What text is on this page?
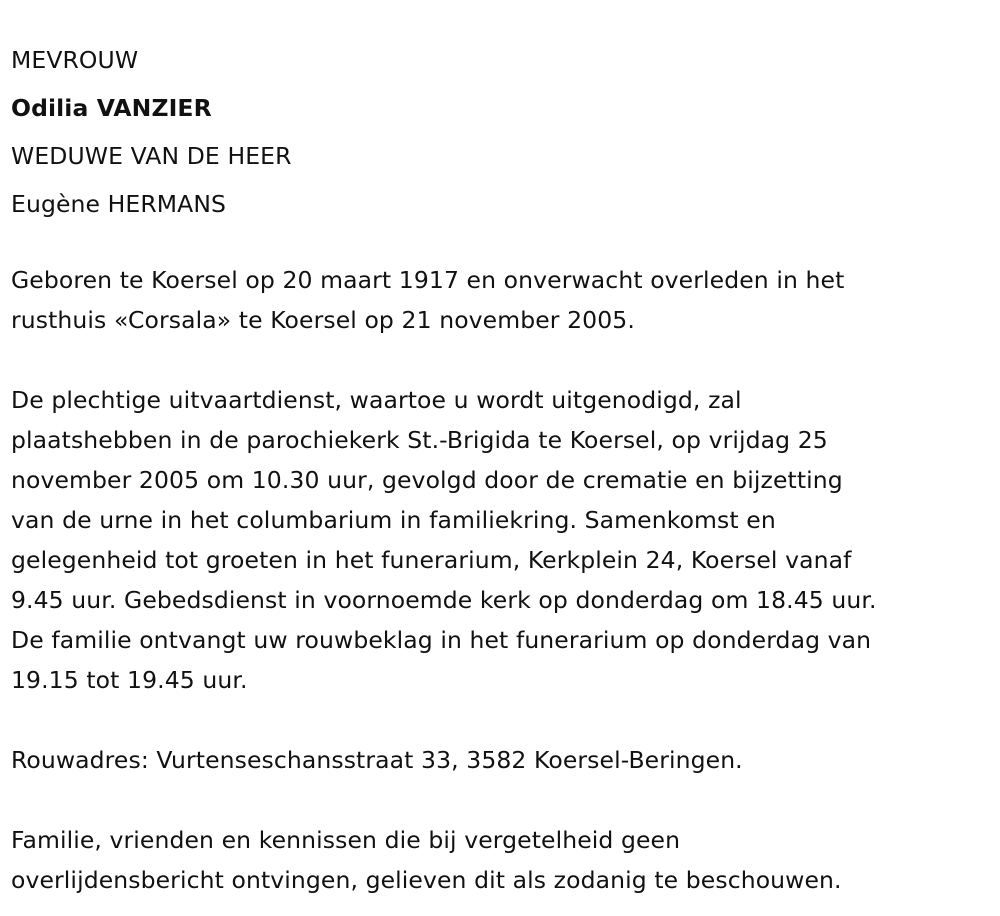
MEVROUW
Odilia VANZIER
WEDUWE VAN DE HEER
Eugène HERMANS

Geboren te Koersel op 20 maart 1917 en onverwacht overleden in het
rusthuis «Corsala» te Koersel op 21 november 2005.

De plechtige uitvaartdienst, waartoe u wordt uitgenodigd, zal
plaatshebben in de parochiekerk St.-Brigida te Koersel, op vrijdag 25
november 2005 om 10.30 uur, gevolgd door de crematie en bijzetting
van de urne in het columbarium in familiekring. Samenkomst en
gelegenheid tot groeten in het funerarium, Kerkplein 24, Koersel vanaf
9.45 uur. Gebedsdienst in voornoemde kerk op donderdag om 18.45 uur.
De familie ontvangt uw rouwbeklag in het funerarium op donderdag van
19.15 tot 19.45 uur.

Rouwadres: Vurtenseschansstraat 33, 3582 Koersel-Beringen.

Familie, vrienden en kennissen die bij vergetelheid geen
overlijdensbericht ontvingen, gelieven dit als zodanig te beschouwen.
